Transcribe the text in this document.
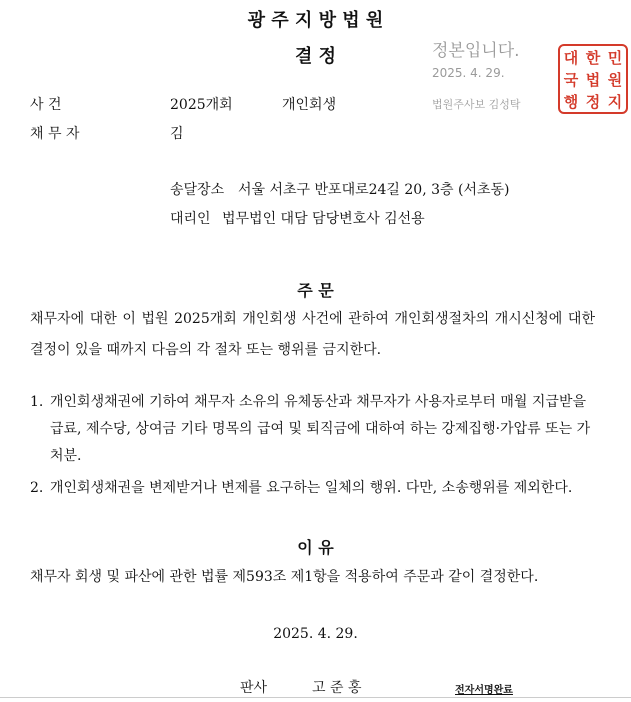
광 주 지 방 법 원
결 정	정본입니다.
2025. 4. 29.
법원주사보 김성탁
대 한 민
국 법 원
행 정 지
사 건	2025개회	개인회생
채 무 자	김
송달장소 서울 서초구 반포대로24길 20, 3층 (서초동)
대리인 법무법인 대담 담당변호사 김선용
주 문
채무자에 대한 이 법원 2025개회 개인회생 사건에 관하여 개인회생절차의 개시신청에 대한 결정이 있을 때까지 다음의 각 절차 또는 행위를 금지한다.
1. 개인회생채권에 기하여 채무자 소유의 유체동산과 채무자가 사용자로부터 매월 지급받을 급료, 제수당, 상여금 기타 명목의 급여 및 퇴직금에 대하여 하는 강제집행·가압류 또는 가처분.
2. 개인회생채권을 변제받거나 변제를 요구하는 일체의 행위. 다만, 소송행위를 제외한다.
이 유
채무자 회생 및 파산에 관한 법률 제593조 제1항을 적용하여 주문과 같이 결정한다.
2025. 4. 29.
판사	고 준 홍	전자서명완료
